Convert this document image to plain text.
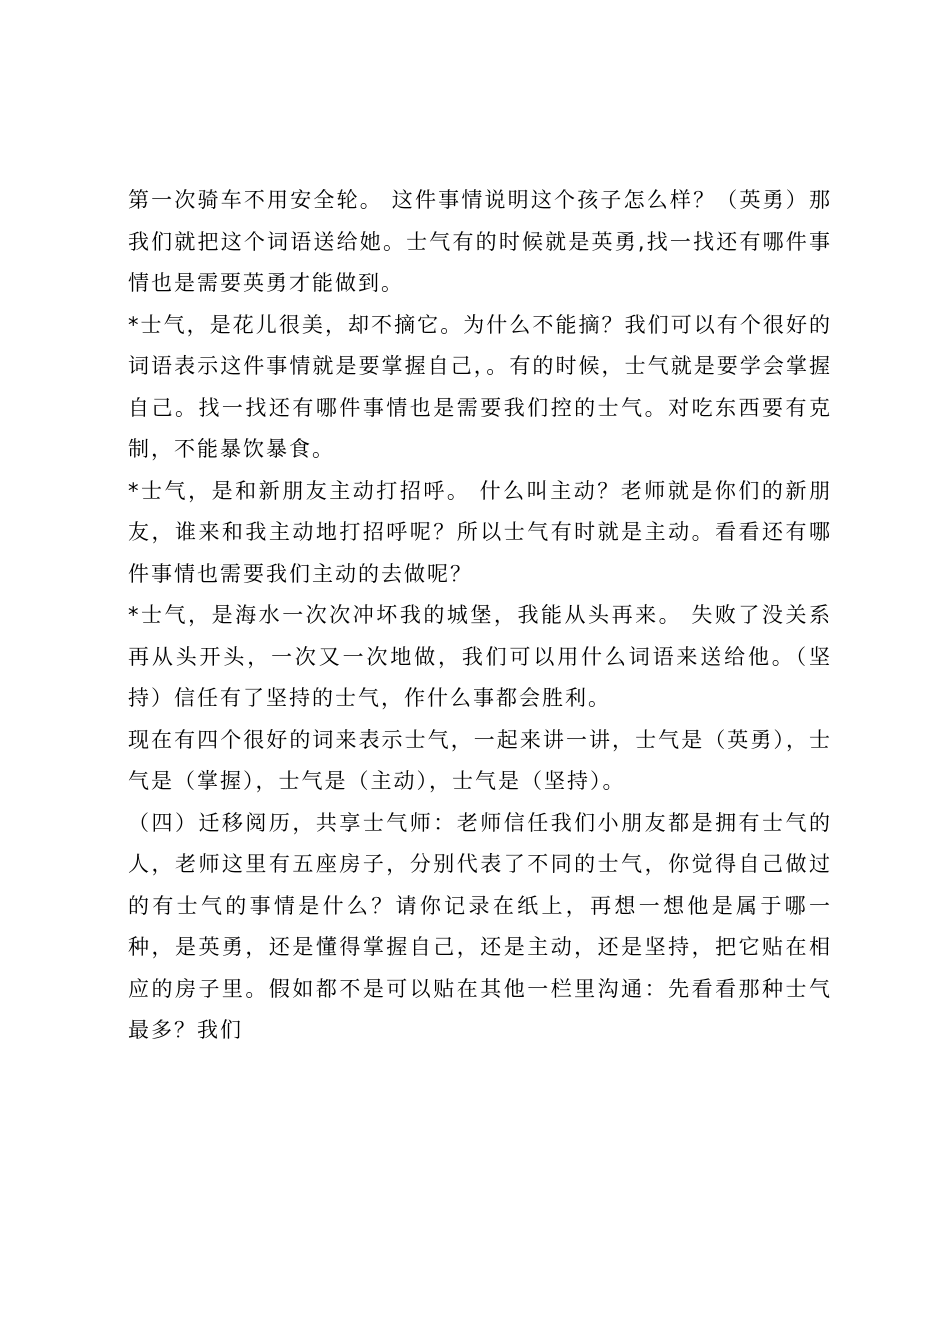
第一次骑车不用安全轮。 这件事情说明这个孩子怎么样？（英勇）那我们就把这个词语送给她。士气有的时候就是英勇,找一找还有哪件事情也是需要英勇才能做到。

*士气，是花儿很美，却不摘它。为什么不能摘？我们可以有个很好的词语表示这件事情就是要掌握自己，。有的时候，士气就是要学会掌握自己。找一找还有哪件事情也是需要我们控的士气。对吃东西要有克制，不能暴饮暴食。

*士气，是和新朋友主动打招呼。 什么叫主动？老师就是你们的新朋友，谁来和我主动地打招呼呢？所以士气有时就是主动。看看还有哪件事情也需要我们主动的去做呢？

*士气，是海水一次次冲坏我的城堡，我能从头再来。 失败了没关系再从头开头，一次又一次地做，我们可以用什么词语来送给他。（坚持）信任有了坚持的士气，作什么事都会胜利。

现在有四个很好的词来表示士气，一起来讲一讲，士气是（英勇），士气是（掌握），士气是（主动），士气是（坚持）。

（四）迁移阅历，共享士气师：老师信任我们小朋友都是拥有士气的人，老师这里有五座房子，分别代表了不同的士气，你觉得自己做过的有士气的事情是什么？请你记录在纸上，再想一想他是属于哪一种，是英勇，还是懂得掌握自己，还是主动，还是坚持，把它贴在相应的房子里。假如都不是可以贴在其他一栏里沟通：先看看那种士气最多？我们
